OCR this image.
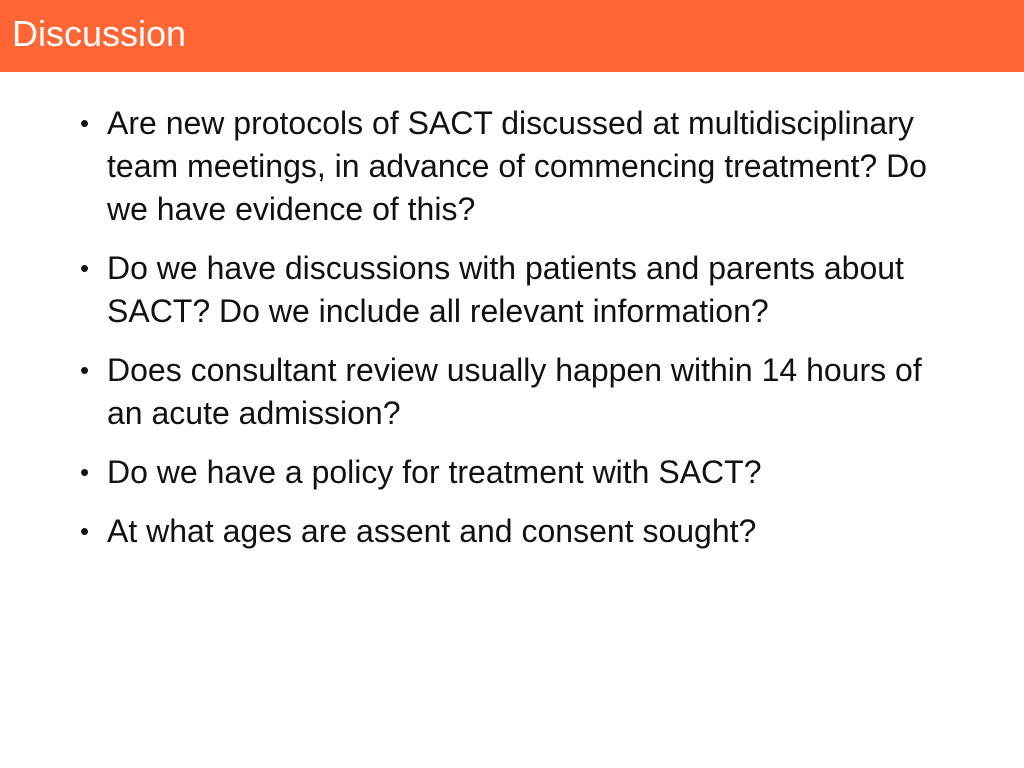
Discussion
• Are new protocols of SACT discussed at multidisciplinary team meetings, in advance of commencing treatment? Do we have evidence of this?
• Do we have discussions with patients and parents about SACT? Do we include all relevant information?
• Does consultant review usually happen within 14 hours of an acute admission?
• Do we have a policy for treatment with SACT?
• At what ages are assent and consent sought?
